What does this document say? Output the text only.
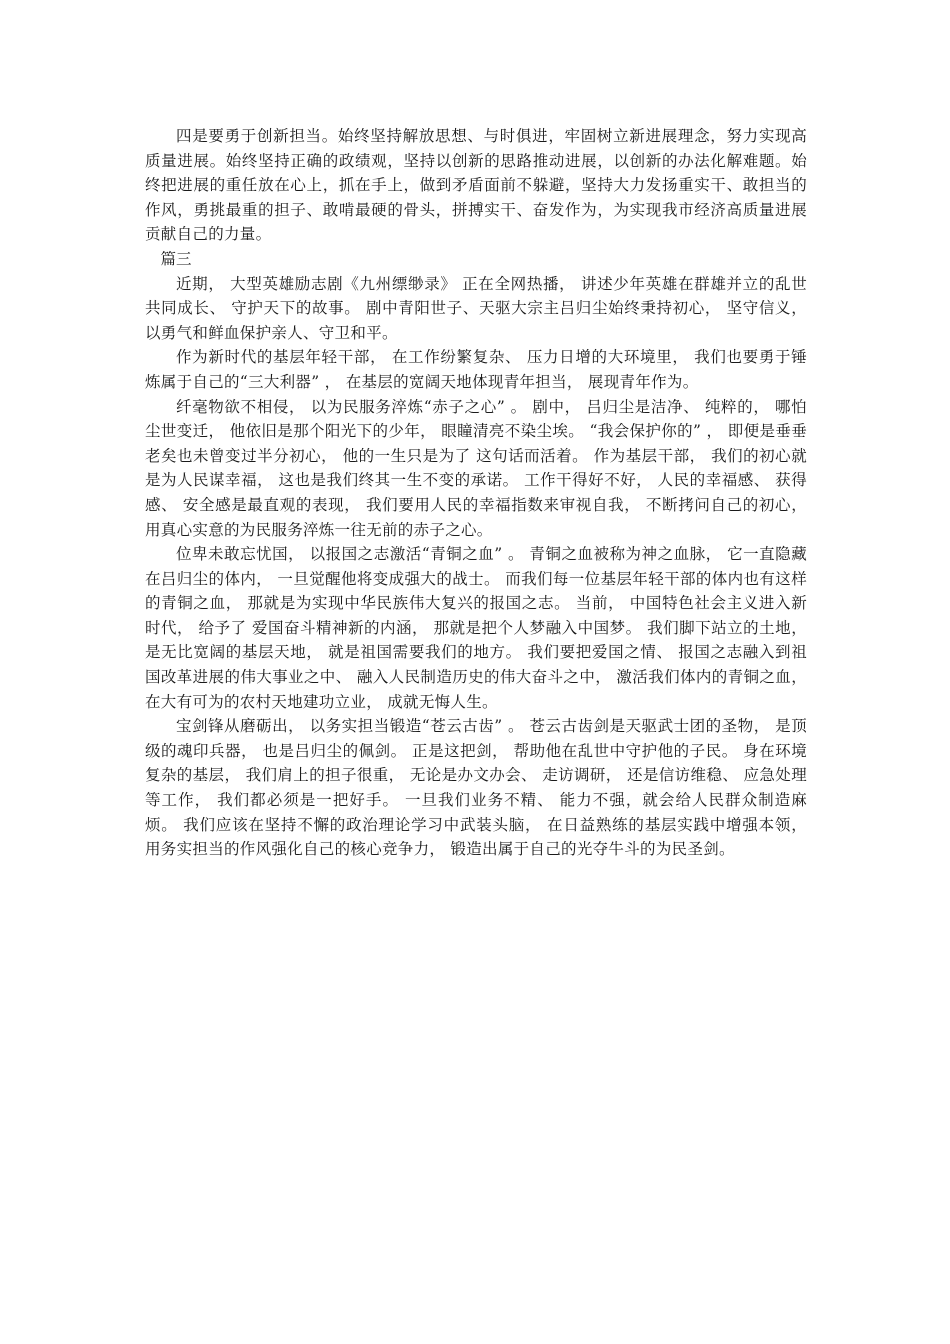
四是要勇于创新担当。始终坚持解放思想、与时俱进，牢固树立新进展理念，努力实现高质量进展。始终坚持正确的政绩观，坚持以创新的思路推动进展，以创新的办法化解难题。始终把进展的重任放在心上，抓在手上，做到矛盾面前不躲避，坚持大力发扬重实干、敢担当的作风，勇挑最重的担子、敢啃最硬的骨头，拼搏实干、奋发作为，为实现我市经济高质量进展贡献自己的力量。

篇三

近期， 大型英雄励志剧《九州缥缈录》 正在全网热播， 讲述少年英雄在群雄并立的乱世共同成长、 守护天下的故事。 剧中青阳世子、天驱大宗主吕归尘始终秉持初心， 坚守信义， 以勇气和鲜血保护亲人、守卫和平。

作为新时代的基层年轻干部， 在工作纷繁复杂、 压力日增的大环境里， 我们也要勇于锤炼属于自己的“三大利器” ， 在基层的宽阔天地体现青年担当， 展现青年作为。

纤毫物欲不相侵， 以为民服务淬炼“赤子之心” 。 剧中， 吕归尘是洁净、 纯粹的， 哪怕尘世变迁， 他依旧是那个阳光下的少年， 眼瞳清亮不染尘埃。 “我会保护你的” ， 即便是垂垂老矣也未曾变过半分初心， 他的一生只是为了 这句话而活着。 作为基层干部， 我们的初心就是为人民谋幸福， 这也是我们终其一生不变的承诺。 工作干得好不好， 人民的幸福感、 获得感、 安全感是最直观的表现， 我们要用人民的幸福指数来审视自我， 不断拷问自己的初心， 用真心实意的为民服务淬炼一往无前的赤子之心。

位卑未敢忘忧国， 以报国之志激活“青铜之血” 。 青铜之血被称为神之血脉， 它一直隐藏在吕归尘的体内， 一旦觉醒他将变成强大的战士。 而我们每一位基层年轻干部的体内也有这样的青铜之血， 那就是为实现中华民族伟大复兴的报国之志。 当前， 中国特色社会主义进入新时代， 给予了 爱国奋斗精神新的内涵， 那就是把个人梦融入中国梦。 我们脚下站立的土地， 是无比宽阔的基层天地， 就是祖国需要我们的地方。 我们要把爱国之情、 报国之志融入到祖国改革进展的伟大事业之中、 融入人民制造历史的伟大奋斗之中， 激活我们体内的青铜之血， 在大有可为的农村天地建功立业， 成就无悔人生。

宝剑锋从磨砺出， 以务实担当锻造“苍云古齿” 。 苍云古齿剑是天驱武士团的圣物， 是顶级的魂印兵器， 也是吕归尘的佩剑。 正是这把剑， 帮助他在乱世中守护他的子民。 身在环境复杂的基层， 我们肩上的担子很重， 无论是办文办会、 走访调研， 还是信访维稳、 应急处理等工作， 我们都必须是一把好手。 一旦我们业务不精、 能力不强，就会给人民群众制造麻烦。 我们应该在坚持不懈的政治理论学习中武装头脑， 在日益熟练的基层实践中增强本领， 用务实担当的作风强化自己的核心竞争力， 锻造出属于自己的光夺牛斗的为民圣剑。
